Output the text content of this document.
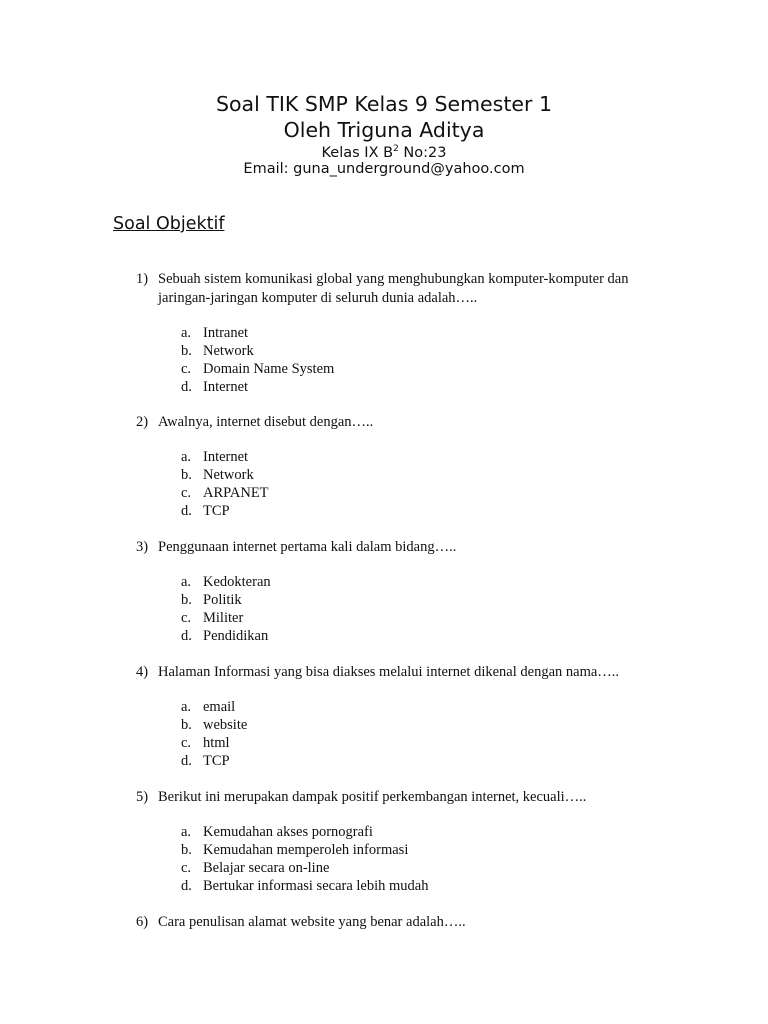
Soal TIK SMP Kelas 9 Semester 1
Oleh Triguna Aditya
Kelas IX $B^2$ No:23
Email: guna_underground@yahoo.com
Soal Objektif
1) Sebuah sistem komunikasi global yang menghubungkan komputer-komputer dan
jaringan-jaringan komputer di seluruh dunia adalah…..
a. Intranet
b. Network
c. Domain Name System
d. Internet
2) Awalnya, internet disebut dengan…..
a. Internet
b. Network
c. ARPANET
d. TCP
3) Penggunaan internet pertama kali dalam bidang…..
a. Kedokteran
b. Politik
c. Militer
d. Pendidikan
4) Halaman Informasi yang bisa diakses melalui internet dikenal dengan nama…..
a. email
b. website
c. html
d. TCP
5) Berikut ini merupakan dampak positif perkembangan internet, kecuali…..
a. Kemudahan akses pornografi
b. Kemudahan memperoleh informasi
c. Belajar secara on-line
d. Bertukar informasi secara lebih mudah
6) Cara penulisan alamat website yang benar adalah…..
